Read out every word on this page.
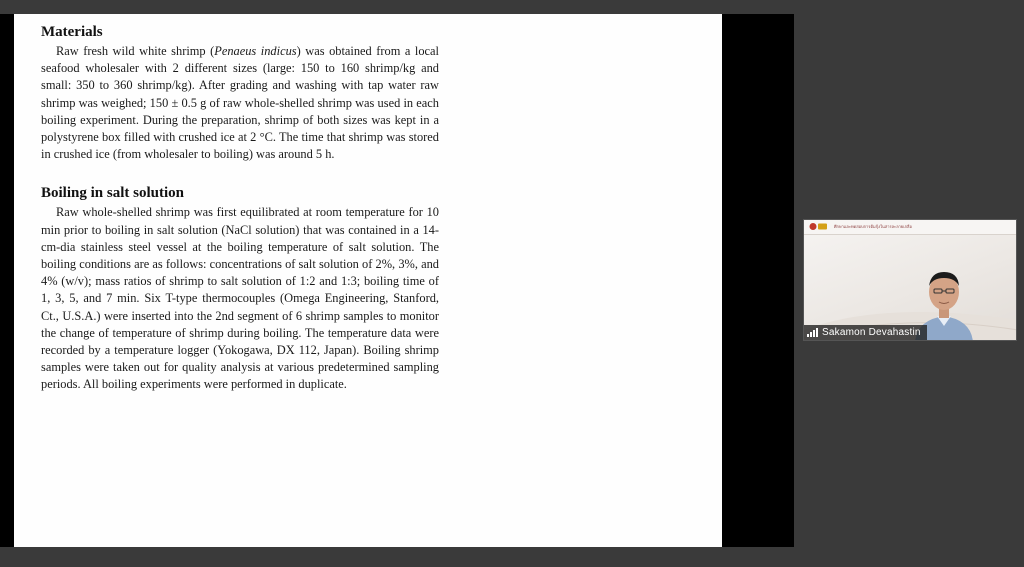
Materials

Raw fresh wild white shrimp (Penaeus indicus) was obtained from a local seafood wholesaler with 2 different sizes (large: 150 to 160 shrimp/kg and small: 350 to 360 shrimp/kg). After grading and washing with tap water raw shrimp was weighed; 150 ± 0.5 g of raw whole-shelled shrimp was used in each boiling experiment. During the preparation, shrimp of both sizes was kept in a polystyrene box filled with crushed ice at 2 °C. The time that shrimp was stored in crushed ice (from wholesaler to boiling) was around 5 h.

Boiling in salt solution

Raw whole-shelled shrimp was first equilibrated at room temperature for 10 min prior to boiling in salt solution (NaCl solution) that was contained in a 14-cm-dia stainless steel vessel at the boiling temperature of salt solution. The boiling conditions are as follows: concentrations of salt solution of 2%, 3%, and 4% (w/v); mass ratios of shrimp to salt solution of 1:2 and 1:3; boiling time of 1, 3, 5, and 7 min. Six T-type thermocouples (Omega Engineering, Stanford, Ct., U.S.A.) were inserted into the 2nd segment of 6 shrimp samples to monitor the change of temperature of shrimp during boiling. The temperature data were recorded by a temperature logger (Yokogawa, DX 112, Japan). Boiling shrimp samples were taken out for quality analysis at various predetermined sampling periods. All boiling experiments were performed in duplicate.

ศึกษาและทดสอบการต้มกุ้งในสารละลายเกลือ
Sakamon Devahastin
